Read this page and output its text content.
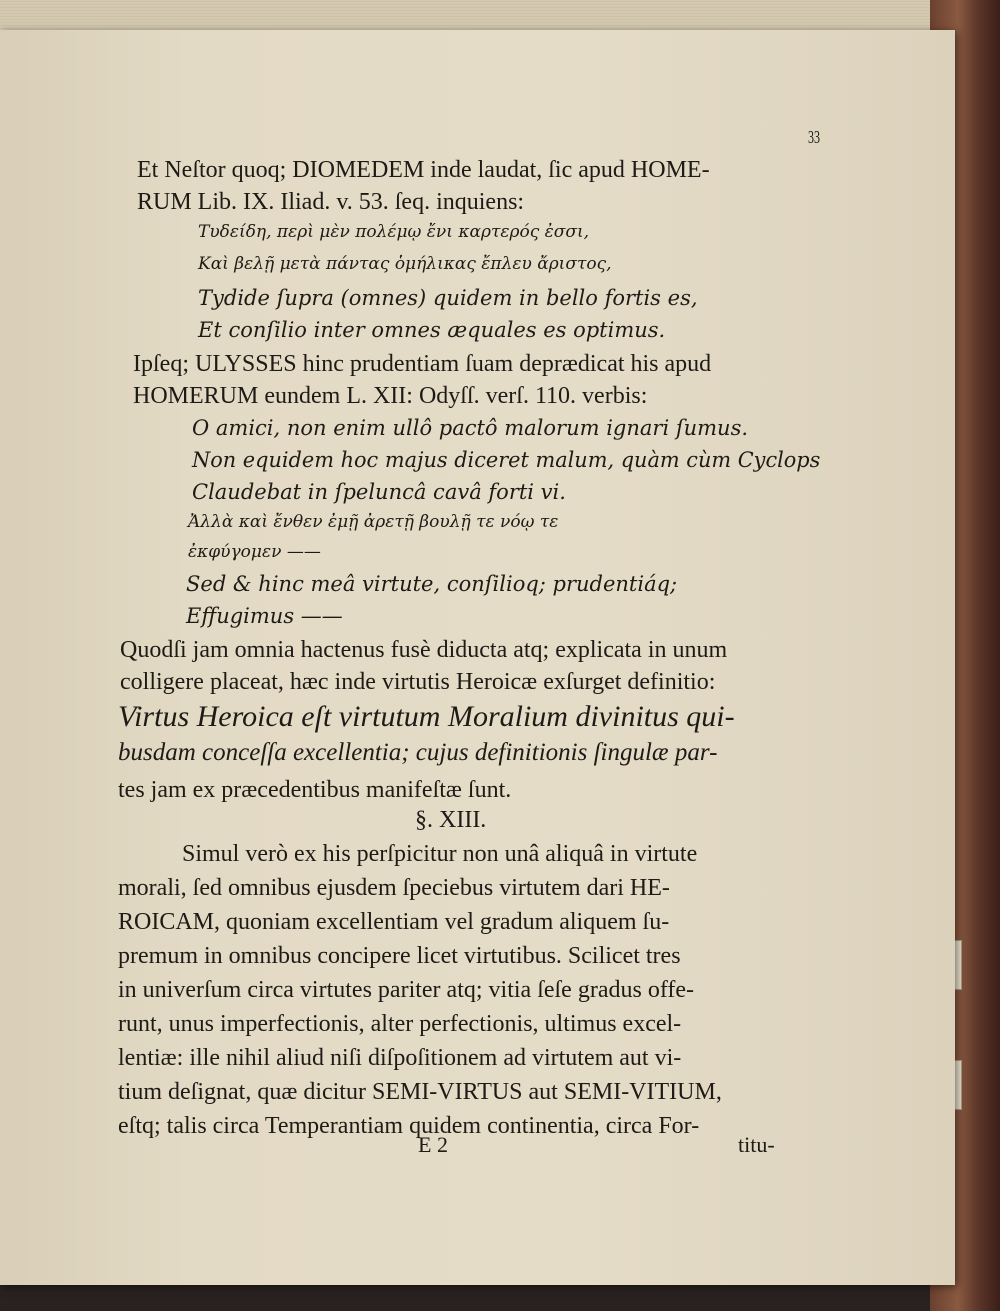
33
Et Neſtor quoq; DIOMEDEM inde laudat, ſic apud HOME-
RUM Lib. IX. Iliad. v. 53. ſeq. inquiens:
Τυδείδη, περὶ μὲν πολέμῳ ἔνι καρτερός ἐσσι,
Καὶ βελῇ μετὰ πάντας ὁμήλικας ἔπλευ ἄριστος,
Tydide ſupra (omnes) quidem in bello fortis es,
Et conſilio inter omnes æquales es optimus.
Ipſeq; ULYSSES hinc prudentiam ſuam deprædicat his apud
HOMERUM eundem L. XII: Odyſſ. verſ. 110. verbis:
O amici, non enim ullô pactô malorum ignari ſumus.
Non equidem hoc majus diceret malum, quàm cùm Cyclops
Claudebat in ſpeluncâ cavâ forti vi.
Ἀλλὰ καὶ ἔνθεν ἐμῇ ἀρετῇ βουλῇ τε νόῳ τε
ἐκφύγομεν ——
Sed & hinc meâ virtute, conſilioq; prudentiáq;
Effugimus ——
Quodſi jam omnia hactenus fusè diducta atq; explicata in unum
colligere placeat, hæc inde virtutis Heroicæ exſurget definitio:
Virtus Heroica eſt virtutum Moralium divinitus qui-
busdam conceſſa excellentia; cujus definitionis ſingulæ par-
tes jam ex præcedentibus manifeſtæ ſunt.
§. XIII.
Simul verò ex his perſpicitur non unâ aliquâ in virtute
morali, ſed omnibus ejusdem ſpeciebus virtutem dari HE-
ROICAM, quoniam excellentiam vel gradum aliquem ſu-
premum in omnibus concipere licet virtutibus. Scilicet tres
in univerſum circa virtutes pariter atq; vitia ſeſe gradus offe-
runt, unus imperfectionis, alter perfectionis, ultimus excel-
lentiæ: ille nihil aliud niſi diſpoſitionem ad virtutem aut vi-
tium deſignat, quæ dicitur SEMI-VIRTUS aut SEMI-VITIUM,
eſtq; talis circa Temperantiam quidem continentia, circa For-
E 2	titu-
